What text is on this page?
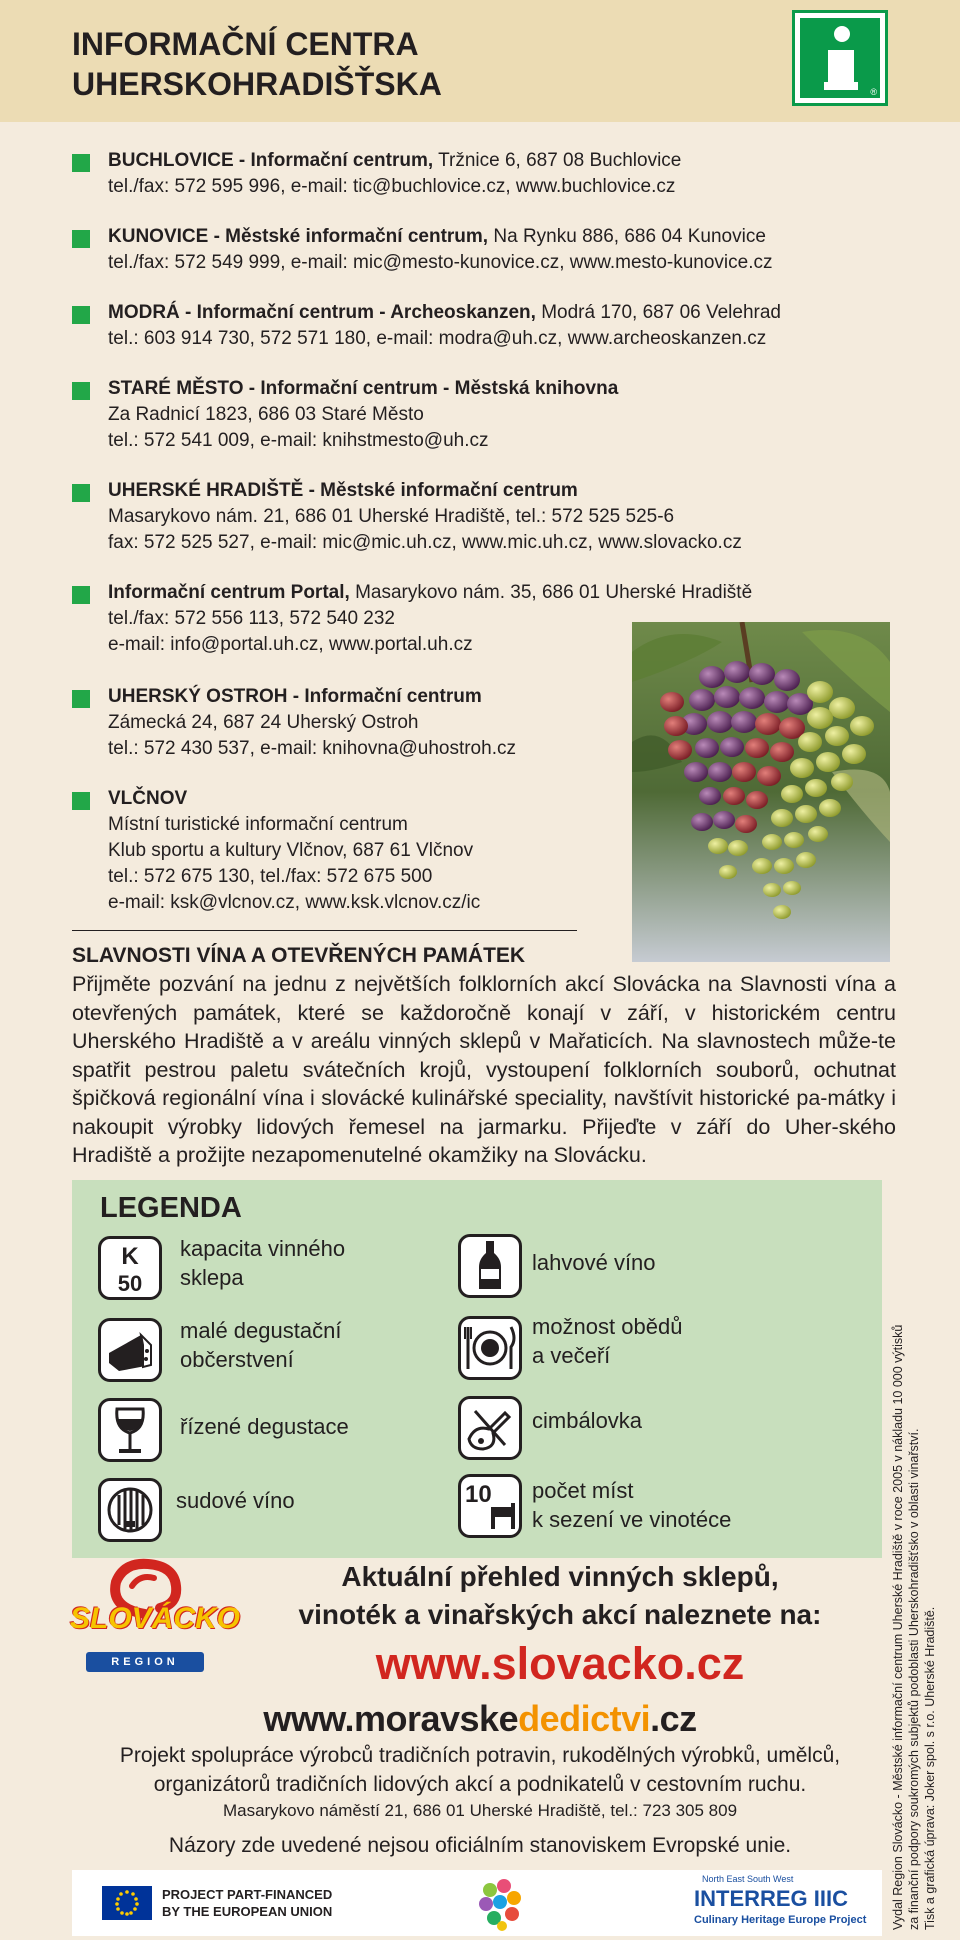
INFORMAČNÍ CENTRA
UHERSKOHRADIŠŤSKA	®
BUCHLOVICE - Informační centrum, Tržnice 6, 687 08 Buchlovice
tel./fax: 572 595 996, e-mail: tic@buchlovice.cz, www.buchlovice.cz
KUNOVICE - Městské informační centrum, Na Rynku 886, 686 04 Kunovice
tel./fax: 572 549 999, e-mail: mic@mesto-kunovice.cz, www.mesto-kunovice.cz
MODRÁ - Informační centrum - Archeoskanzen, Modrá 170, 687 06 Velehrad
tel.: 603 914 730, 572 571 180, e-mail: modra@uh.cz, www.archeoskanzen.cz
STARÉ MĚSTO - Informační centrum - Městská knihovna
Za Radnicí 1823, 686 03 Staré Město
tel.: 572 541 009, e-mail: knihstmesto@uh.cz
UHERSKÉ HRADIŠTĚ - Městské informační centrum
Masarykovo nám. 21, 686 01 Uherské Hradiště, tel.: 572 525 525-6
fax: 572 525 527, e-mail: mic@mic.uh.cz, www.mic.uh.cz, www.slovacko.cz
Informační centrum Portal, Masarykovo nám. 35, 686 01 Uherské Hradiště
tel./fax: 572 556 113, 572 540 232
e-mail: info@portal.uh.cz, www.portal.uh.cz
UHERSKÝ OSTROH - Informační centrum
Zámecká 24, 687 24 Uherský Ostroh
tel.: 572 430 537, e-mail: knihovna@uhostroh.cz
VLČNOV
Místní turistické informační centrum
Klub sportu a kultury Vlčnov, 687 61 Vlčnov
tel.: 572 675 130, tel./fax: 572 675 500
e-mail: ksk@vlcnov.cz, www.ksk.vlcnov.cz/ic
SLAVNOSTI VÍNA A OTEVŘENÝCH PAMÁTEK

Přijměte pozvání na jednu z největších folklorních akcí Slovácka na Slavnosti vína a otevřených památek, které se každoročně konají v září, v historickém centru Uherského Hradiště a v areálu vinných sklepů v Mařaticích. Na slavnostech může-te spatřit pestrou paletu svátečních krojů, vystoupení folklorních souborů, ochutnat špičková regionální vína i slovácké kulinářské speciality, navštívit historické pa-mátky i nakoupit výrobky lidových řemesel na jarmarku. Přijeďte v září do Uher-ského Hradiště a prožijte nezapomenutelné okamžiky na Slovácku.

LEGENDA
K
50
kapacita vinného
sklepa
malé degustační
občerstvení
řízené degustace
sudové víno
lahvové víno
možnost obědů
a večeří
cimbálovka
10 počet míst
k sezení ve vinotéce
SLOVÁCKO
REGION
Aktuální přehled vinných sklepů,
vinoték a vinařských akcí naleznete na:
www.slovacko.cz
www.moravskededictvi.cz
Projekt spolupráce výrobců tradičních potravin, rukodělných výrobků, umělců,
organizátorů tradičních lidových akcí a podnikatelů v cestovním ruchu.
Masarykovo náměstí 21, 686 01 Uherské Hradiště, tel.: 723 305 809
Názory zde uvedené nejsou oficiálním stanoviskem Evropské unie.
PROJECT PART-FINANCED
BY THE EUROPEAN UNION
North East South West
INTERREG IIIC
Culinary Heritage Europe Project Vydal Region Slovácko - Městské informační centrum Uherské Hradiště v roce 2005 v nákladu 10 000 výtisků za finanční podpory soukromých subjektů podoblasti Uherskohradišťsko v oblasti vinařství. Tisk a grafická úprava: Joker spol. s r.o. Uherské Hradiště.
